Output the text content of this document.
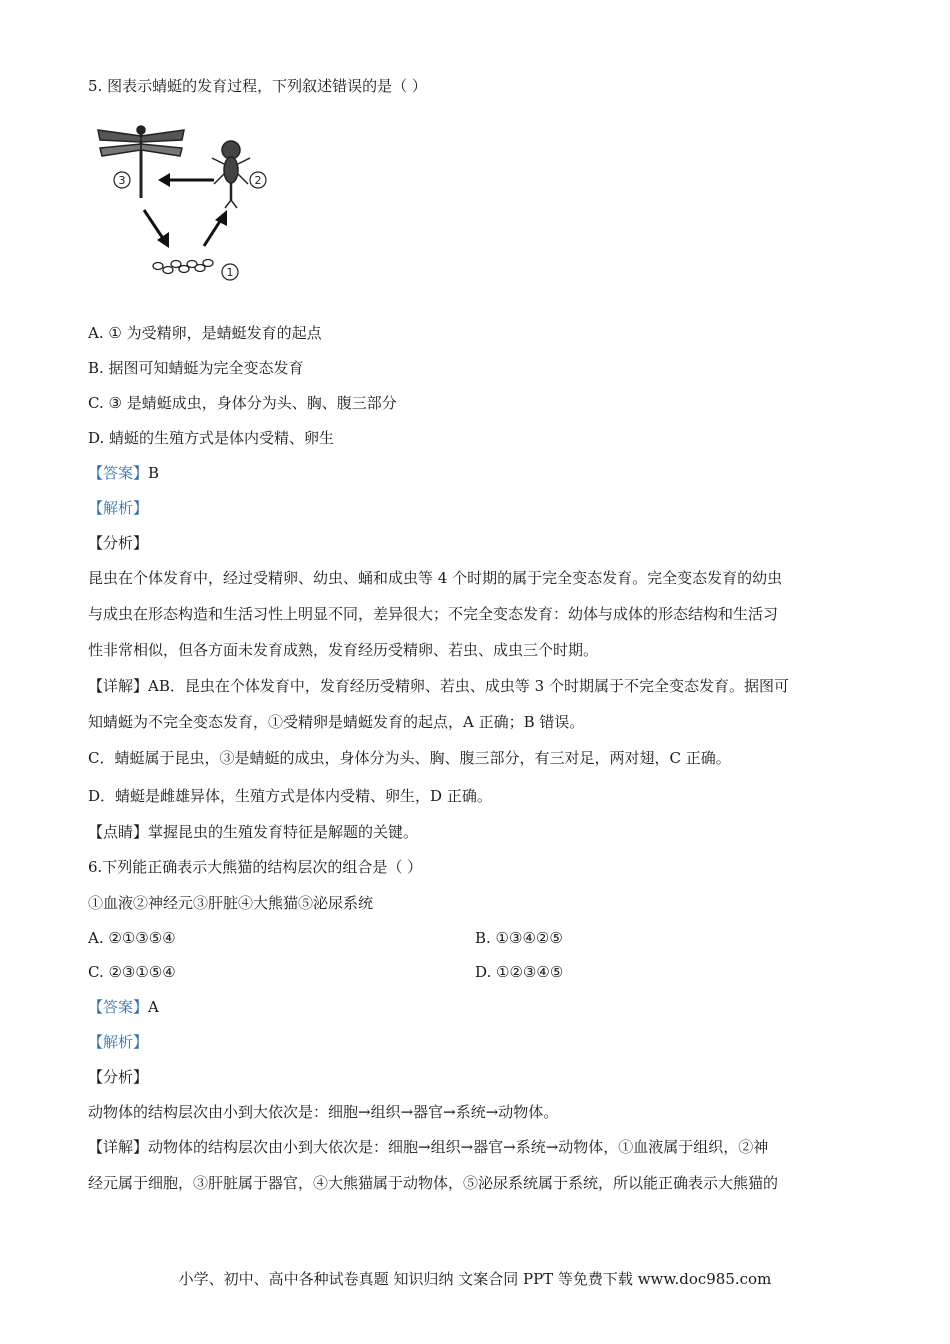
5. 图表示蜻蜓的发育过程，下列叙述错误的是（ ）
3	2
1
A. ① 为受精卵，是蜻蜓发育的起点
B. 据图可知蜻蜓为完全变态发育
C. ③ 是蜻蜓成虫，身体分为头、胸、腹三部分
D. 蜻蜓的生殖方式是体内受精、卵生
【答案】B
【解析】
【分析】
昆虫在个体发育中，经过受精卵、幼虫、蛹和成虫等 4 个时期的属于完全变态发育。完全变态发育的幼虫
与成虫在形态构造和生活习性上明显不同，差异很大；不完全变态发育：幼体与成体的形态结构和生活习
性非常相似，但各方面未发育成熟，发育经历受精卵、若虫、成虫三个时期。
【详解】AB．昆虫在个体发育中，发育经历受精卵、若虫、成虫等 3 个时期属于不完全变态发育。据图可
知蜻蜓为不完全变态发育，①受精卵是蜻蜓发育的起点，A 正确；B 错误。
C．蜻蜓属于昆虫，③是蜻蜓的成虫，身体分为头、胸、腹三部分，有三对足，两对翅，C 正确。
D．蜻蜓是雌雄异体，生殖方式是体内受精、卵生，D 正确。
【点睛】掌握昆虫的生殖发育特征是解题的关键。
6.下列能正确表示大熊猫的结构层次的组合是（ ）
①血液②神经元③肝脏④大熊猫⑤泌尿系统
A. ②①③⑤④	B. ①③④②⑤
C. ②③①⑤④	D. ①②③④⑤
【答案】A
【解析】
【分析】
动物体的结构层次由小到大依次是：细胞→组织→器官→系统→动物体。
【详解】动物体的结构层次由小到大依次是：细胞→组织→器官→系统→动物体，①血液属于组织，②神
经元属于细胞，③肝脏属于器官，④大熊猫属于动物体，⑤泌尿系统属于系统，所以能正确表示大熊猫的
小学、初中、高中各种试卷真题 知识归纳 文案合同 PPT 等免费下载 www.doc985.com
